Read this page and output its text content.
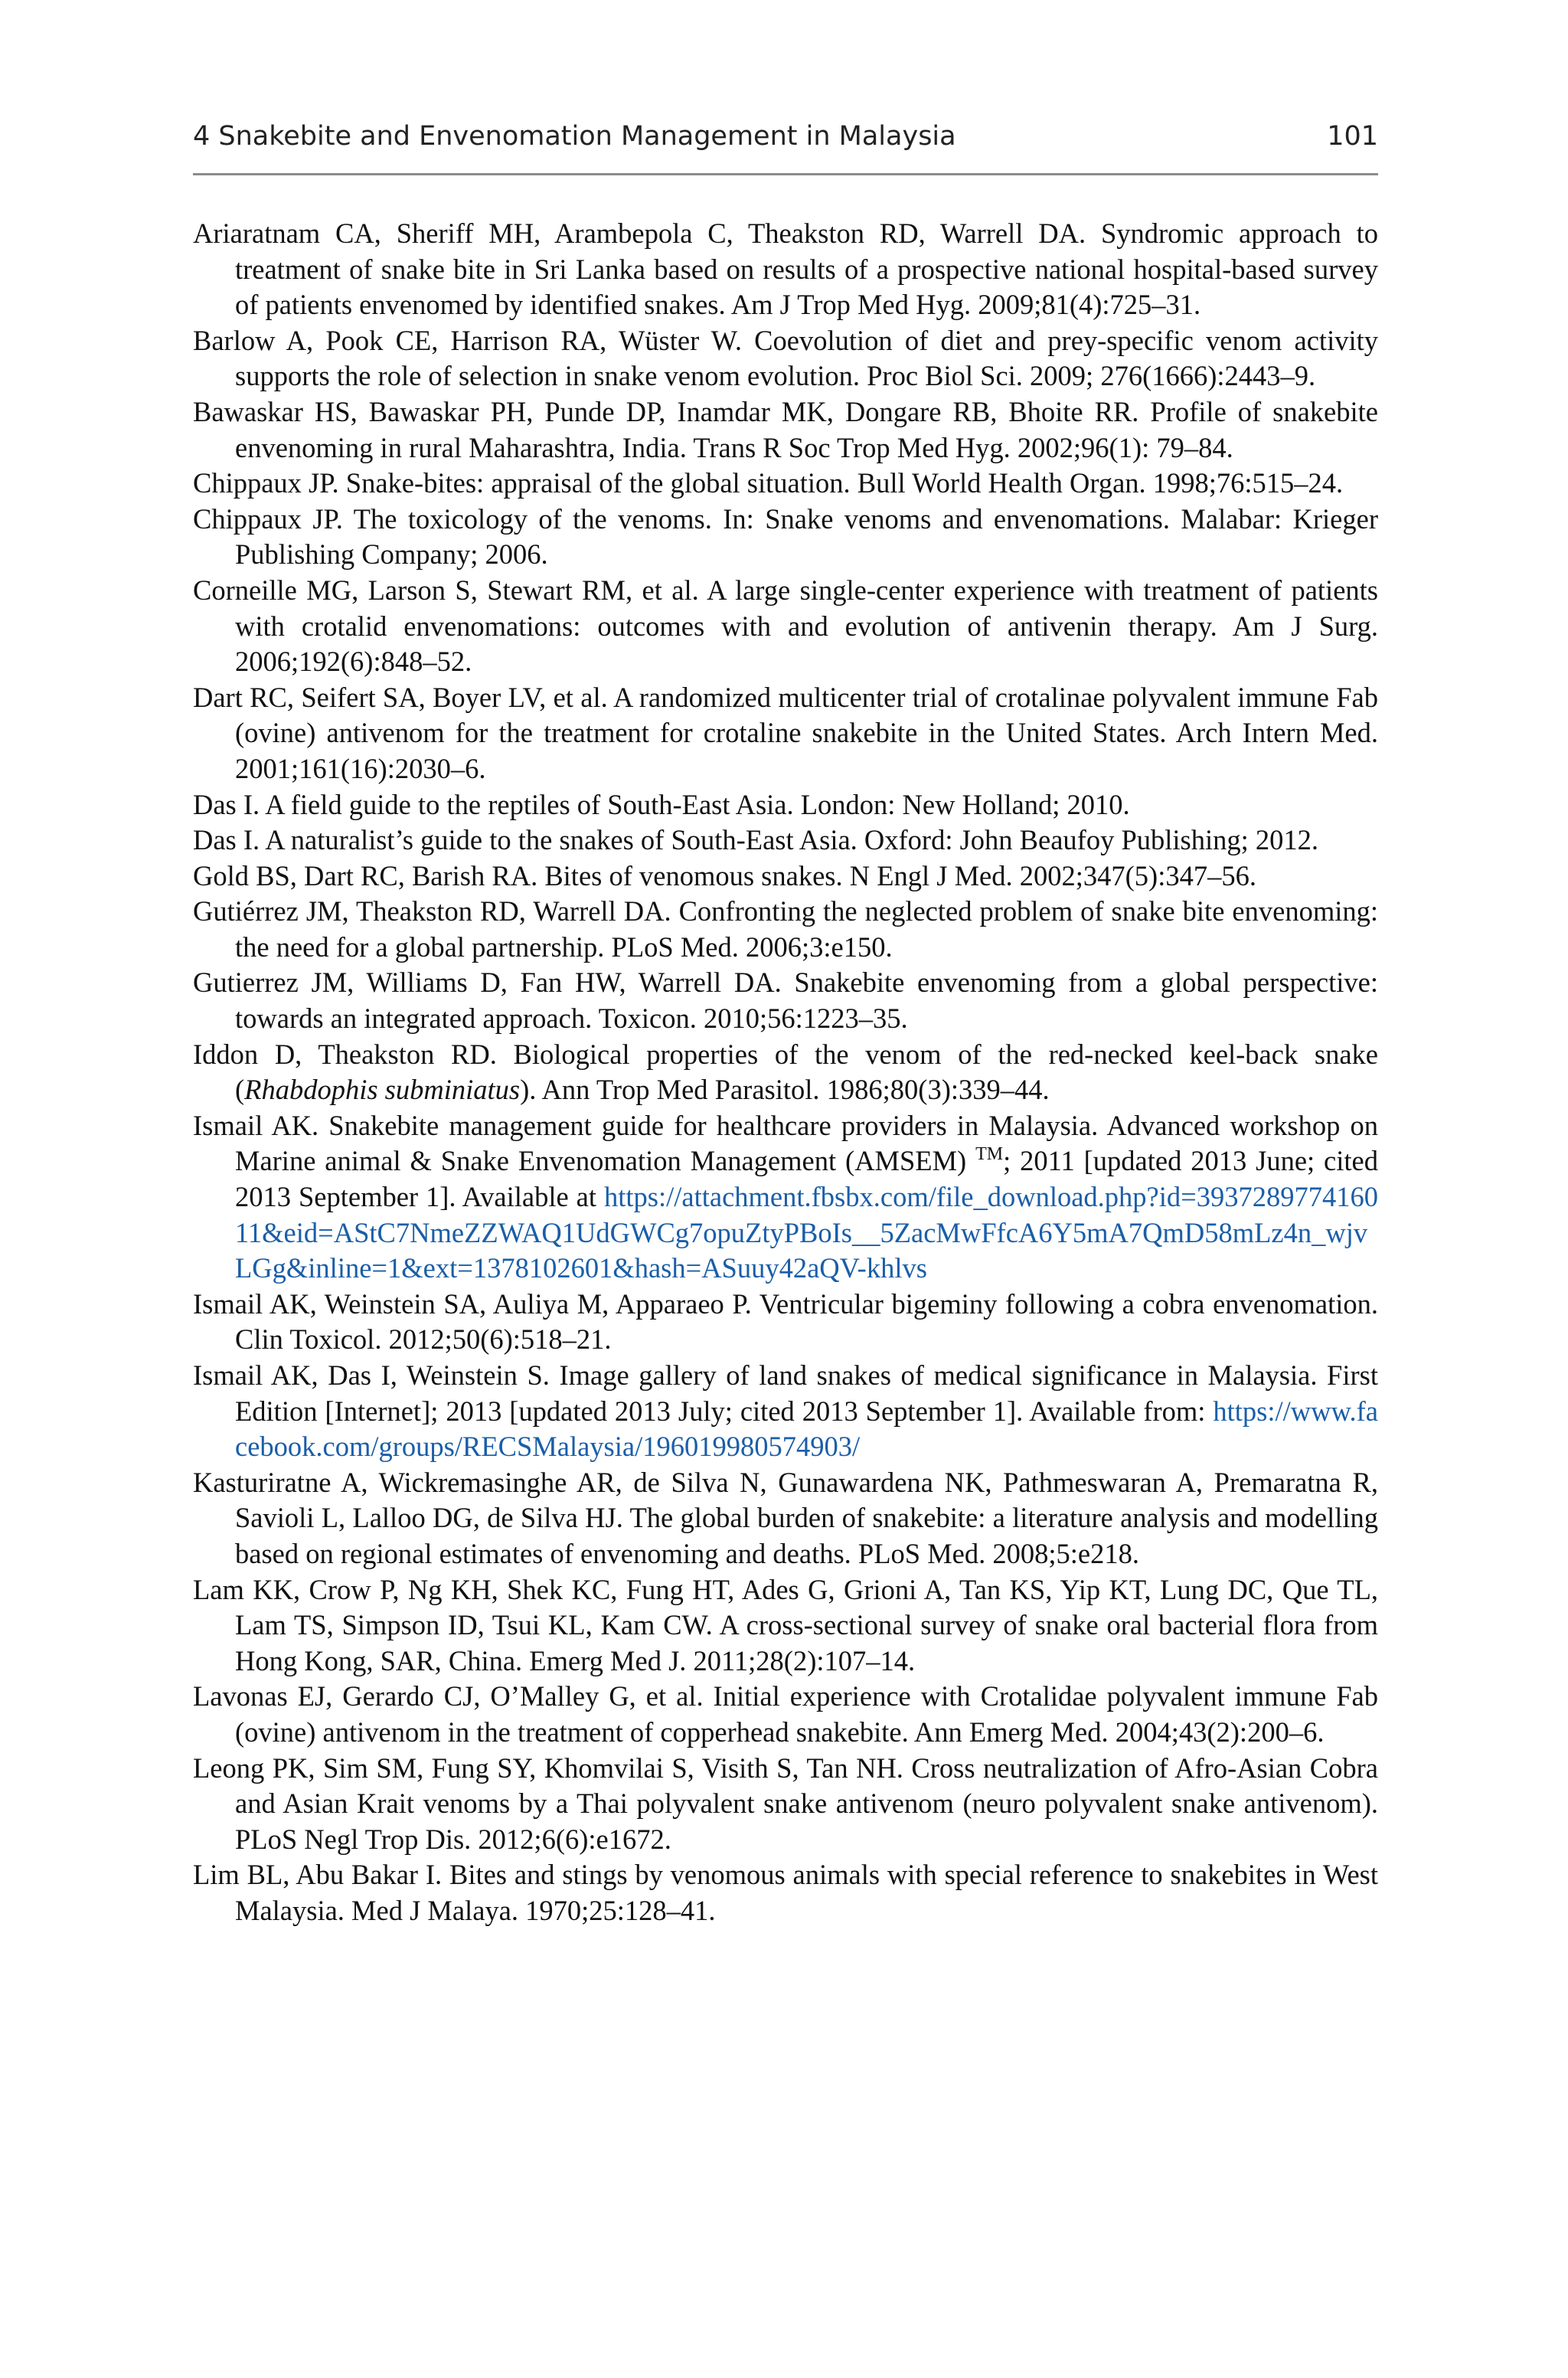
4 Snakebite and Envenomation Management in Malaysia	101
Ariaratnam CA, Sheriff MH, Arambepola C, Theakston RD, Warrell DA. Syndromic approach to treatment of snake bite in Sri Lanka based on results of a prospective national hospital-based survey of patients envenomed by identified snakes. Am J Trop Med Hyg. 2009;81(4):725–31.
Barlow A, Pook CE, Harrison RA, Wüster W. Coevolution of diet and prey-specific venom activity supports the role of selection in snake venom evolution. Proc Biol Sci. 2009; 276(1666):2443–9.
Bawaskar HS, Bawaskar PH, Punde DP, Inamdar MK, Dongare RB, Bhoite RR. Profile of snakebite envenoming in rural Maharashtra, India. Trans R Soc Trop Med Hyg. 2002;96(1): 79–84.
Chippaux JP. Snake-bites: appraisal of the global situation. Bull World Health Organ. 1998;76:515–24.
Chippaux JP. The toxicology of the venoms. In: Snake venoms and envenomations. Malabar: Krieger Publishing Company; 2006.
Corneille MG, Larson S, Stewart RM, et al. A large single-center experience with treatment of patients with crotalid envenomations: outcomes with and evolution of antivenin therapy. Am J Surg. 2006;192(6):848–52.
Dart RC, Seifert SA, Boyer LV, et al. A randomized multicenter trial of crotalinae polyvalent immune Fab (ovine) antivenom for the treatment for crotaline snakebite in the United States. Arch Intern Med. 2001;161(16):2030–6.
Das I. A field guide to the reptiles of South-East Asia. London: New Holland; 2010.
Das I. A naturalist’s guide to the snakes of South-East Asia. Oxford: John Beaufoy Publishing; 2012.
Gold BS, Dart RC, Barish RA. Bites of venomous snakes. N Engl J Med. 2002;347(5):347–56.
Gutiérrez JM, Theakston RD, Warrell DA. Confronting the neglected problem of snake bite envenoming: the need for a global partnership. PLoS Med. 2006;3:e150.
Gutierrez JM, Williams D, Fan HW, Warrell DA. Snakebite envenoming from a global perspective: towards an integrated approach. Toxicon. 2010;56:1223–35.
Iddon D, Theakston RD. Biological properties of the venom of the red-necked keel-back snake (Rhabdophis subminiatus). Ann Trop Med Parasitol. 1986;80(3):339–44.
Ismail AK. Snakebite management guide for healthcare providers in Malaysia. Advanced workshop on Marine animal & Snake Envenomation Management (AMSEM) ™; 2011 [updated 2013 June; cited 2013 September 1]. Available at https://attachment.fbsbx.com/file_download.php?id=393728977416011&eid=AStC7NmeZZWAQ1UdGWCg7opuZtyPBoIs__5ZacMwFfcA6Y5mA7QmD58mLz4n_wjvLGg&inline=1&ext=1378102601&hash=ASuuy42aQV-khlvs
Ismail AK, Weinstein SA, Auliya M, Apparaeo P. Ventricular bigeminy following a cobra envenomation. Clin Toxicol. 2012;50(6):518–21.
Ismail AK, Das I, Weinstein S. Image gallery of land snakes of medical significance in Malaysia. First Edition [Internet]; 2013 [updated 2013 July; cited 2013 September 1]. Available from: https://www.facebook.com/groups/RECSMalaysia/196019980574903/
Kasturiratne A, Wickremasinghe AR, de Silva N, Gunawardena NK, Pathmeswaran A, Premaratna R, Savioli L, Lalloo DG, de Silva HJ. The global burden of snakebite: a literature analysis and modelling based on regional estimates of envenoming and deaths. PLoS Med. 2008;5:e218.
Lam KK, Crow P, Ng KH, Shek KC, Fung HT, Ades G, Grioni A, Tan KS, Yip KT, Lung DC, Que TL, Lam TS, Simpson ID, Tsui KL, Kam CW. A cross-sectional survey of snake oral bacterial flora from Hong Kong, SAR, China. Emerg Med J. 2011;28(2):107–14.
Lavonas EJ, Gerardo CJ, O’Malley G, et al. Initial experience with Crotalidae polyvalent immune Fab (ovine) antivenom in the treatment of copperhead snakebite. Ann Emerg Med. 2004;43(2):200–6.
Leong PK, Sim SM, Fung SY, Khomvilai S, Visith S, Tan NH. Cross neutralization of Afro-Asian Cobra and Asian Krait venoms by a Thai polyvalent snake antivenom (neuro polyvalent snake antivenom). PLoS Negl Trop Dis. 2012;6(6):e1672.
Lim BL, Abu Bakar I. Bites and stings by venomous animals with special reference to snakebites in West Malaysia. Med J Malaya. 1970;25:128–41.
